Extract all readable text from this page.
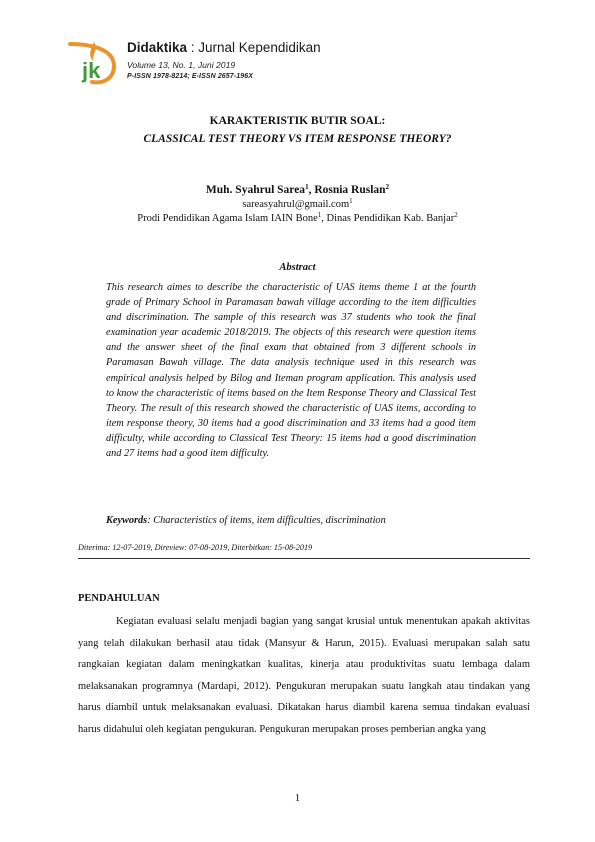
jk
Didaktika : Jurnal Kependidikan
Volume 13, No. 1, Juni 2019
P-ISSN 1978-8214; E-ISSN 2657-196X
KARAKTERISTIK BUTIR SOAL:
CLASSICAL TEST THEORY VS ITEM RESPONSE THEORY?
Muh. Syahrul Sarea$^1$, Rosnia Ruslan$^2$
sareasyahrul@gmail.com$^1$
Prodi Pendidikan Agama Islam IAIN Bone$^1$, Dinas Pendidikan Kab. Banjar$^2$
Abstract

This research aimes to describe the characteristic of UAS items theme 1 at the fourth grade of Primary School in Paramasan bawah village according to the item difficulties and discrimination. The sample of this research was 37 students who took the final examination year academic 2018/2019. The objects of this research were question items and the answer sheet of the final exam that obtained from 3 different schools in Paramasan Bawah village. The data analysis technique used in this research was empirical analysis helped by Bilog and Iteman program application. This analysis used to know the characteristic of items based on the Item Response Theory and Classical Test Theory. The result of this research showed the characteristic of UAS items, according to item response theory, 30 items had a good discrimination and 33 items had a good item difficulty, while according to Classical Test Theory: 15 items had a good discrimination and 27 items had a good item difficulty.

Keywords: Characteristics of items, item difficulties, discrimination
Diterima: 12-07-2019, Direview: 07-08-2019, Diterbitkan: 15-08-2019
PENDAHULUAN

Kegiatan evaluasi selalu menjadi bagian yang sangat krusial untuk menentukan apakah aktivitas yang telah dilakukan berhasil atau tidak (Mansyur & Harun, 2015). Evaluasi merupakan salah satu rangkaian kegiatan dalam meningkatkan kualitas, kinerja atau produktivitas suatu lembaga dalam melaksanakan programnya (Mardapi, 2012). Pengukuran merupakan suatu langkah atau tindakan yang harus diambil untuk melaksanakan evaluasi. Dikatakan harus diambil karena semua tindakan evaluasi harus didahului oleh kegiatan pengukuran. Pengukuran merupakan proses pemberian angka yang

1
